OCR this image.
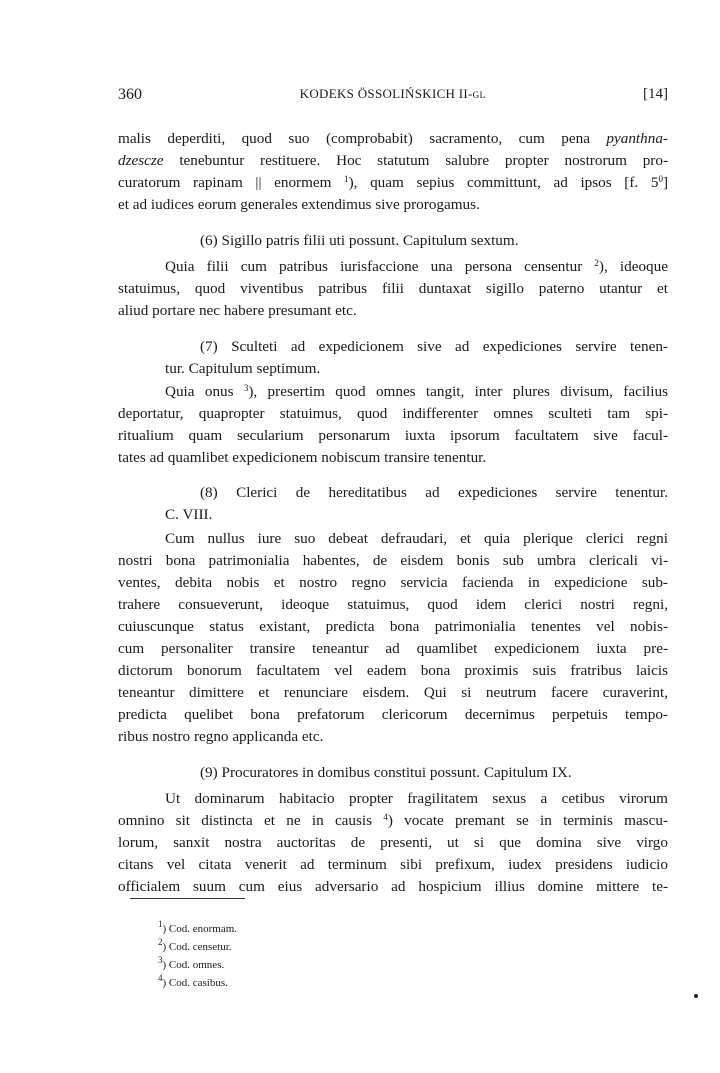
360	KODEKS ÖSSOLIŃSKICH II-gi.	[14]
malis deperditi, quod suo (comprobabit) sacramento, cum pena pyanthna-
dzescze tenebuntur restituere. Hoc statutum salubre propter nostrorum pro-
curatorum rapinam || enormem $^1$), quam sepius committunt, ad ipsos [f. $5^0$]
et ad iudices eorum generales extendimus sive prorogamus.
(6) Sigillo patris filii uti possunt. Capitulum sextum.
Quia filii cum patribus iurisfaccione una persona censentur $^2$), ideoque
statuimus, quod viventibus patribus filii duntaxat sigillo paterno utantur et
aliud portare nec habere presumant etc.
(7) Sculteti ad expedicionem sive ad expediciones servire tenen-
tur. Capitulum septimum.
Quia onus $^3$), presertim quod omnes tangit, inter plures divisum, facilius
deportatur, quapropter statuimus, quod indifferenter omnes sculteti tam spi-
ritualium quam secularium personarum iuxta ipsorum facultatem sive facul-
tates ad quamlibet expedicionem nobiscum transire tenentur.
(8) Clerici de hereditatibus ad expediciones servire tenentur.
C. VIII.
Cum nullus iure suo debeat defraudari, et quia plerique clerici regni
nostri bona patrimonialia habentes, de eisdem bonis sub umbra clericali vi-
ventes, debita nobis et nostro regno servicia facienda in expedicione sub-
trahere consueverunt, ideoque statuimus, quod idem clerici nostri regni,
cuiuscunque status existant, predicta bona patrimonialia tenentes vel nobis-
cum personaliter transire teneantur ad quamlibet expedicionem iuxta pre-
dictorum bonorum facultatem vel eadem bona proximis suis fratribus laicis
teneantur dimittere et renunciare eisdem. Qui si neutrum facere curaverint,
predicta quelibet bona prefatorum clericorum decernimus perpetuis tempo-
ribus nostro regno applicanda etc.
(9) Procuratores in domibus constitui possunt. Capitulum IX.
Ut dominarum habitacio propter fragilitatem sexus a cetibus virorum
omnino sit distincta et ne in causis $^4$) vocate premant se in terminis mascu-
lorum, sanxit nostra auctoritas de presenti, ut si que domina sive virgo
citans vel citata venerit ad terminum sibi prefixum, iudex presidens iudicio
officialem suum cum eius adversario ad hospicium illius domine mittere te-
$^1$) Cod. enormam.
$^2$) Cod. censetur.
$^3$) Cod. omnes.
$^4$) Cod. casibus.
